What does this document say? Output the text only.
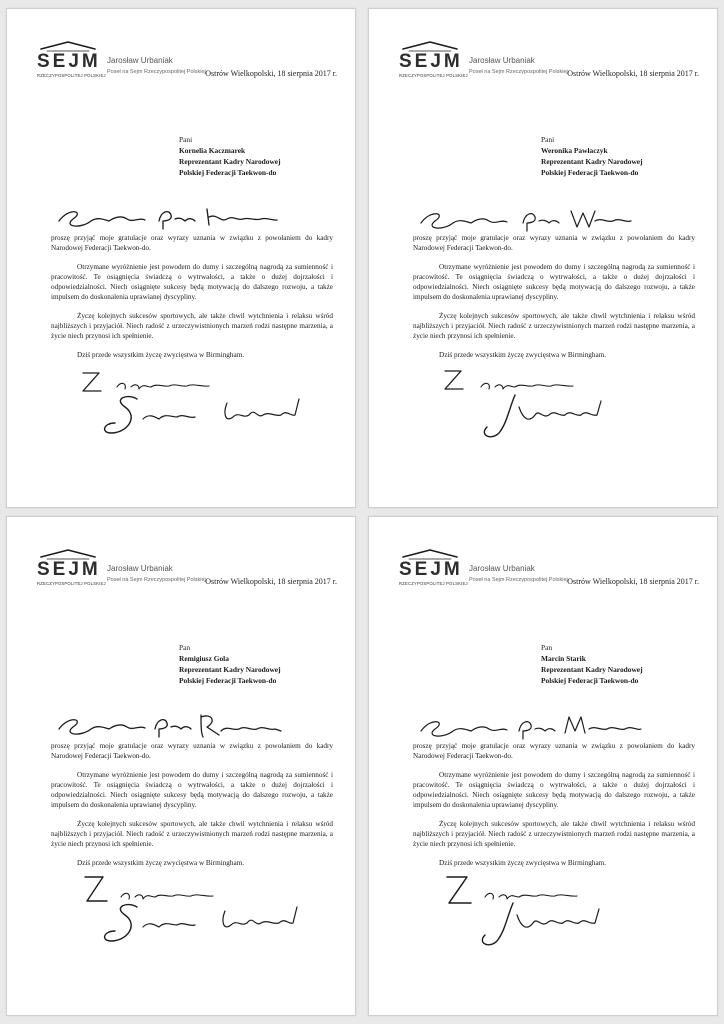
SEJM
RZECZYPOSPOLITEJ POLSKIEJ
Jarosław Urbaniak
Poseł na Sejm Rzeczypospolitej Polskiej Ostrów Wielkopolski, 18 sierpnia 2017 r.
Pani
Kornelia Kaczmarek
Reprezentant Kadry Narodowej
Polskiej Federacji Taekwon-do

proszę przyjąć moje gratulacje oraz wyrazy uznania w związku z powołaniem do kadry Narodowej Federacji Taekwon-do.

Otrzymane wyróżnienie jest powodem do dumy i szczególną nagrodą za sumienność i pracowitość. Te osiągnięcia świadczą o wytrwałości, a także o dużej dojrzałości i odpowiedzialności. Niech osiągnięte sukcesy będą motywacją do dalszego rozwoju, a także impulsem do doskonalenia uprawianej dyscypliny.

Życzę kolejnych sukcesów sportowych, ale także chwil wytchnienia i relaksu wśród najbliższych i przyjaciół. Niech radość z urzeczywistnionych marzeń rodzi następne marzenia, a życie niech przynosi ich spełnienie.

Dziś przede wszystkim życzę zwycięstwa w Birmingham.

SEJM
RZECZYPOSPOLITEJ POLSKIEJ
Jarosław Urbaniak
Poseł na Sejm Rzeczypospolitej Polskiej Ostrów Wielkopolski, 18 sierpnia 2017 r.
Pani
Weronika Pawłaczyk
Reprezentant Kadry Narodowej
Polskiej Federacji Taekwon-do

proszę przyjąć moje gratulacje oraz wyrazy uznania w związku z powołaniem do kadry Narodowej Federacji Taekwon-do.

Otrzymane wyróżnienie jest powodem do dumy i szczególną nagrodą za sumienność i pracowitość. Te osiągnięcia świadczą o wytrwałości, a także o dużej dojrzałości i odpowiedzialności. Niech osiągnięte sukcesy będą motywacją do dalszego rozwoju, a także impulsem do doskonalenia uprawianej dyscypliny.

Życzę kolejnych sukcesów sportowych, ale także chwil wytchnienia i relaksu wśród najbliższych i przyjaciół. Niech radość z urzeczywistnionych marzeń rodzi następne marzenia, a życie niech przynosi ich spełnienie.

Dziś przede wszystkim życzę zwycięstwa w Birmingham.

SEJM
RZECZYPOSPOLITEJ POLSKIEJ
Jarosław Urbaniak
Poseł na Sejm Rzeczypospolitej Polskiej Ostrów Wielkopolski, 18 sierpnia 2017 r.
Pan
Remigiusz Gola
Reprezentant Kadry Narodowej
Polskiej Federacji Taekwon-do

proszę przyjąć moje gratulacje oraz wyrazy uznania w związku z powołaniem do kadry Narodowej Federacji Taekwon-do.

Otrzymane wyróżnienie jest powodem do dumy i szczególną nagrodą za sumienność i pracowitość. Te osiągnięcia świadczą o wytrwałości, a także o dużej dojrzałości i odpowiedzialności. Niech osiągnięte sukcesy będą motywacją do dalszego rozwoju, a także impulsem do doskonalenia uprawianej dyscypliny.

Życzę kolejnych sukcesów sportowych, ale także chwil wytchnienia i relaksu wśród najbliższych i przyjaciół. Niech radość z urzeczywistnionych marzeń rodzi następne marzenia, a życie niech przynosi ich spełnienie.

Dziś przede wszystkim życzę zwycięstwa w Birmingham.

SEJM
RZECZYPOSPOLITEJ POLSKIEJ
Jarosław Urbaniak
Poseł na Sejm Rzeczypospolitej Polskiej Ostrów Wielkopolski, 18 sierpnia 2017 r.
Pan
Marcin Starik
Reprezentant Kadry Narodowej
Polskiej Federacji Taekwon-do

proszę przyjąć moje gratulacje oraz wyrazy uznania w związku z powołaniem do kadry Narodowej Federacji Taekwon-do.

Otrzymane wyróżnienie jest powodem do dumy i szczególną nagrodą za sumienność i pracowitość. Te osiągnięcia świadczą o wytrwałości, a także o dużej dojrzałości i odpowiedzialności. Niech osiągnięte sukcesy będą motywacją do dalszego rozwoju, a także impulsem do doskonalenia uprawianej dyscypliny.

Życzę kolejnych sukcesów sportowych, ale także chwil wytchnienia i relaksu wśród najbliższych i przyjaciół. Niech radość z urzeczywistnionych marzeń rodzi następne marzenia, a życie niech przynosi ich spełnienie.

Dziś przede wszystkim życzę zwycięstwa w Birmingham.
